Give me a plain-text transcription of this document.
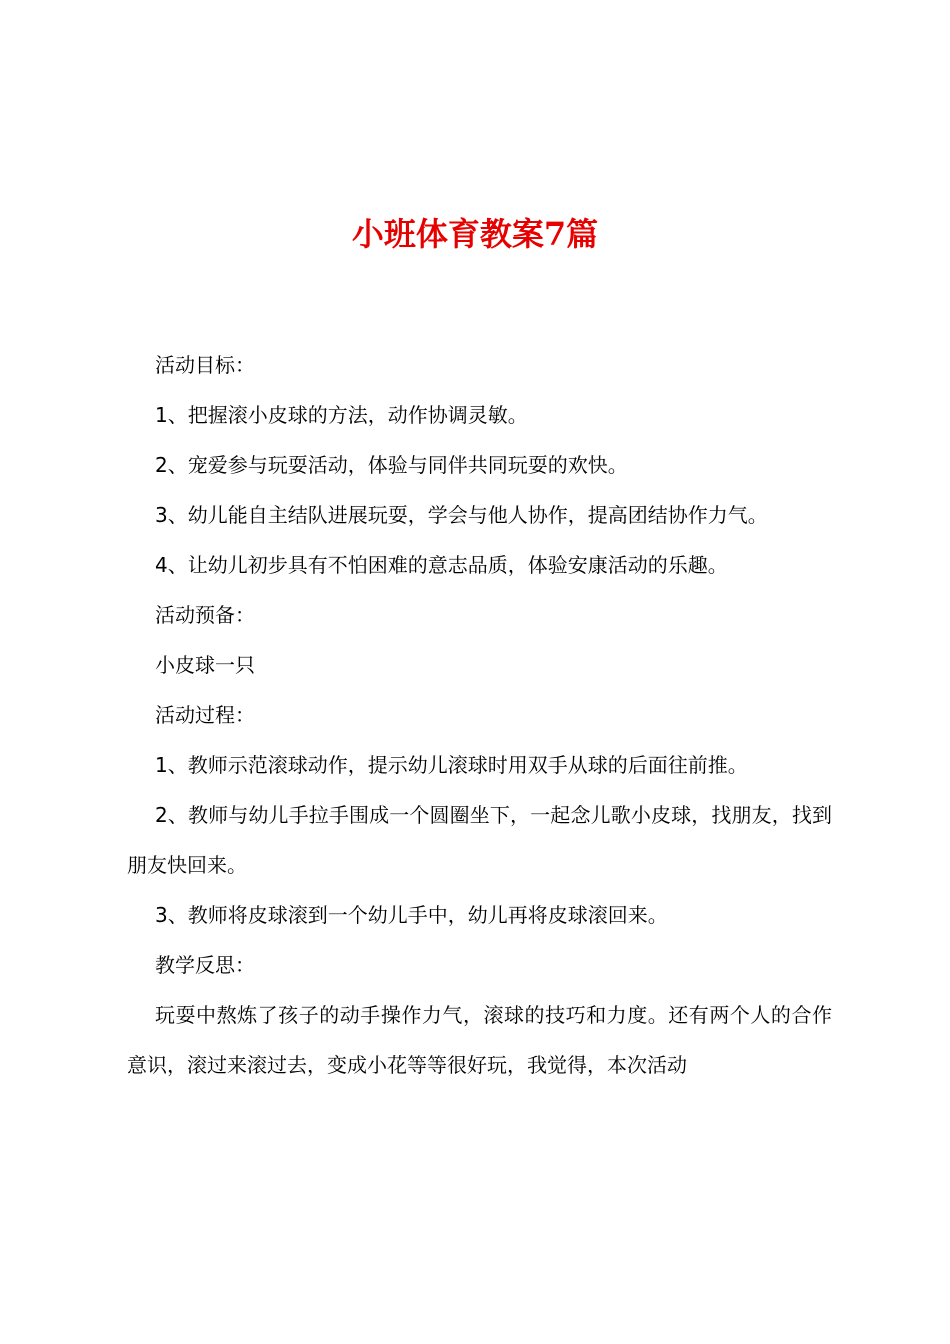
小班体育教案7篇

活动目标：

1、把握滚小皮球的方法，动作协调灵敏。

2、宠爱参与玩耍活动，体验与同伴共同玩耍的欢快。

3、幼儿能自主结队进展玩耍，学会与他人协作，提高团结协作力气。

4、让幼儿初步具有不怕困难的意志品质，体验安康活动的乐趣。

活动预备：

小皮球一只

活动过程：

1、教师示范滚球动作，提示幼儿滚球时用双手从球的后面往前推。

2、教师与幼儿手拉手围成一个圆圈坐下，一起念儿歌小皮球，找朋友，找到朋友快回来。

3、教师将皮球滚到一个幼儿手中，幼儿再将皮球滚回来。

教学反思：

玩耍中熬炼了孩子的动手操作力气，滚球的技巧和力度。还有两个人的合作意识，滚过来滚过去，变成小花等等很好玩，我觉得，本次活动
